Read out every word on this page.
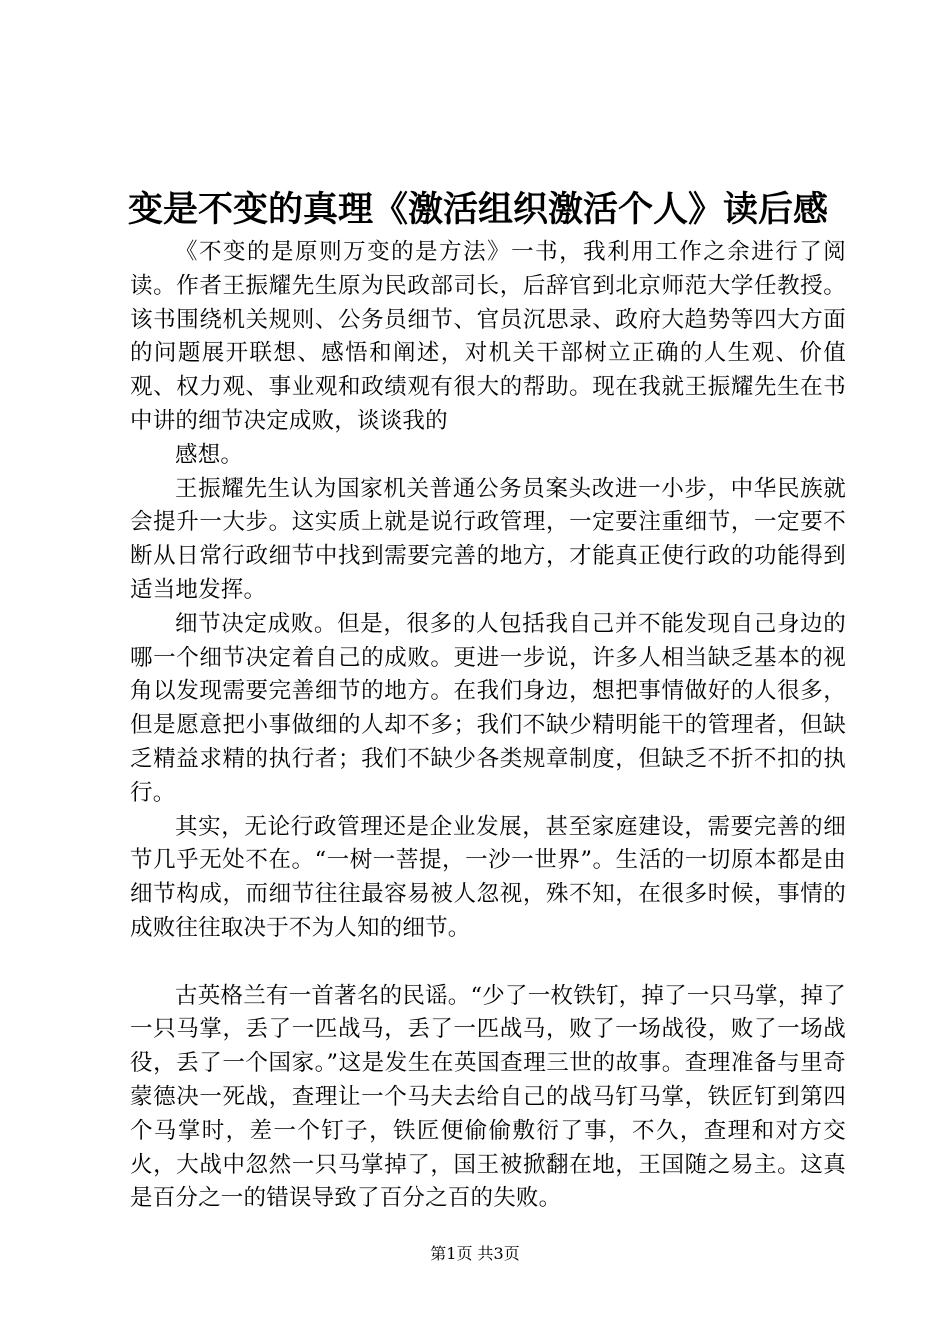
变是不变的真理《激活组织激活个人》读后感

《不变的是原则万变的是方法》一书，我利用工作之余进行了阅读。作者王振耀先生原为民政部司长，后辞官到北京师范大学任教授。该书围绕机关规则、公务员细节、官员沉思录、政府大趋势等四大方面的问题展开联想、感悟和阐述，对机关干部树立正确的人生观、价值观、权力观、事业观和政绩观有很大的帮助。现在我就王振耀先生在书中讲的细节决定成败，谈谈我的

感想。

王振耀先生认为国家机关普通公务员案头改进一小步，中华民族就会提升一大步。这实质上就是说行政管理，一定要注重细节，一定要不断从日常行政细节中找到需要完善的地方，才能真正使行政的功能得到适当地发挥。

细节决定成败。但是，很多的人包括我自己并不能发现自己身边的哪一个细节决定着自己的成败。更进一步说，许多人相当缺乏基本的视角以发现需要完善细节的地方。在我们身边，想把事情做好的人很多，但是愿意把小事做细的人却不多；我们不缺少精明能干的管理者，但缺乏精益求精的执行者；我们不缺少各类规章制度，但缺乏不折不扣的执行。

其实，无论行政管理还是企业发展，甚至家庭建设，需要完善的细节几乎无处不在。“一树一菩提，一沙一世界”。生活的一切原本都是由细节构成，而细节往往最容易被人忽视，殊不知，在很多时候，事情的成败往往取决于不为人知的细节。

古英格兰有一首著名的民谣。“少了一枚铁钉，掉了一只马掌，掉了一只马掌，丢了一匹战马，丢了一匹战马，败了一场战役，败了一场战役，丢了一个国家。”这是发生在英国查理三世的故事。查理准备与里奇蒙德决一死战，查理让一个马夫去给自己的战马钉马掌，铁匠钉到第四个马掌时，差一个钉子，铁匠便偷偷敷衍了事，不久，查理和对方交火，大战中忽然一只马掌掉了，国王被掀翻在地，王国随之易主。这真是百分之一的错误导致了百分之百的失败。

第1页 共3页
